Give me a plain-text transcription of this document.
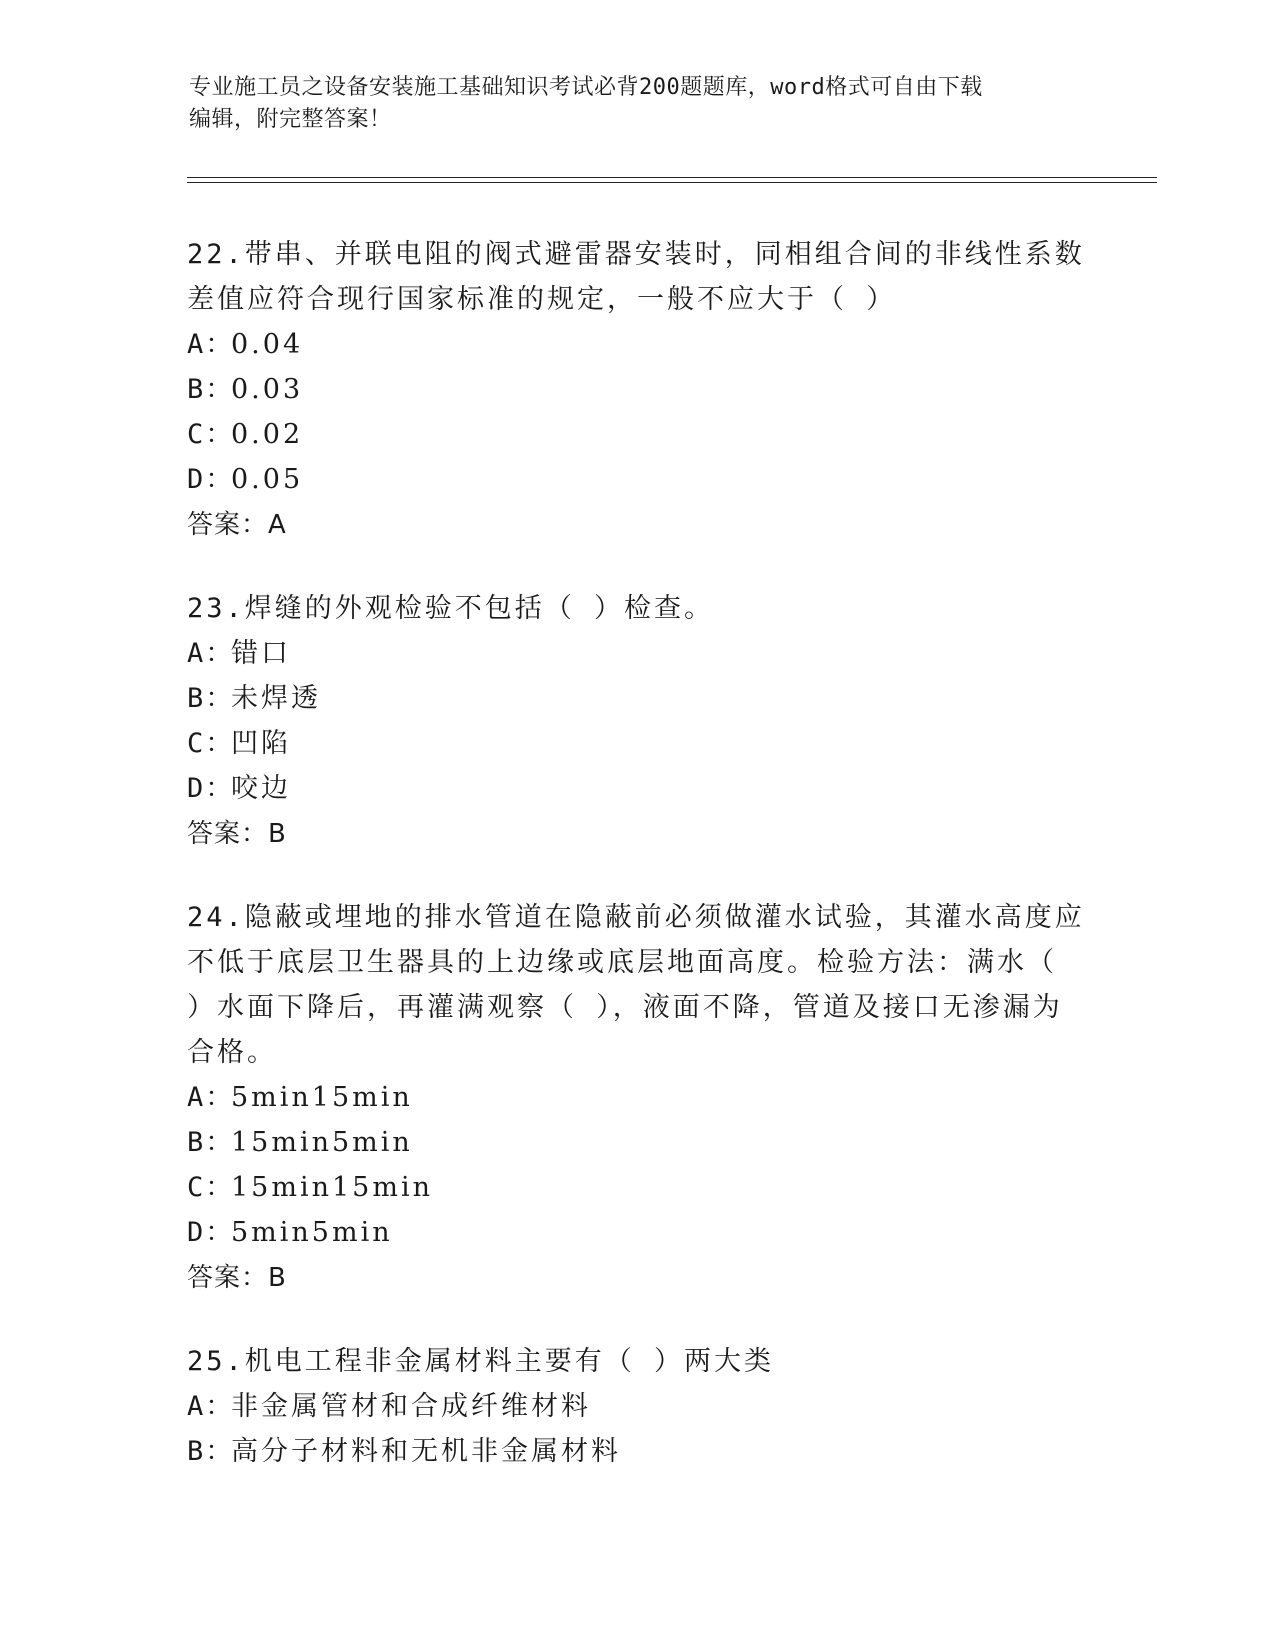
专业施工员之设备安装施工基础知识考试必背200题题库，word格式可自由下载
编辑，附完整答案！

22.带串、并联电阻的阀式避雷器安装时，同相组合间的非线性系数差值应符合现行国家标准的规定，一般不应大于（ ）

A：
0.04
B：
0.03
C：
0.02
D：
0.05
答案： A

23.焊缝的外观检验不包括（ ）检查。

A：
错口
B：
未焊透
C：
凹陷
D：
咬边
答案： B

24.隐蔽或埋地的排水管道在隐蔽前必须做灌水试验，其灌水高度应不低于底层卫生器具的上边缘或底层地面高度。检验方法：满水（ ）水面下降后，再灌满观察（ ），液面不降，管道及接口无渗漏为合格。

A：
5min15min
B：
15min5min
C：
15min15min
D：
5min5min
答案： B

25.机电工程非金属材料主要有（ ）两大类

A：
非金属管材和合成纤维材料
B：
高分子材料和无机非金属材料
